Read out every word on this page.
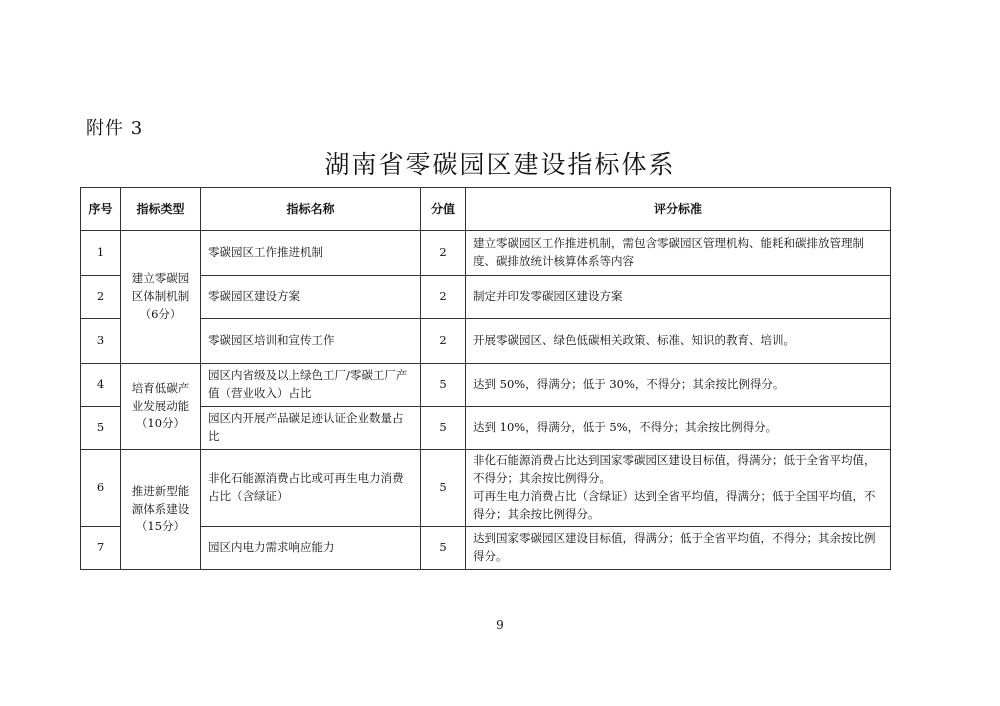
附件 3
湖南省零碳园区建设指标体系
序号	指标类型	指标名称	分值	评分标准
1	建立零碳园区体制机制（6分）	零碳园区工作推进机制	2	建立零碳园区工作推进机制，需包含零碳园区管理机构、能耗和碳排放管理制度、碳排放统计核算体系等内容
2		零碳园区建设方案	2	制定并印发零碳园区建设方案
3		零碳园区培训和宣传工作	2	开展零碳园区、绿色低碳相关政策、标准、知识的教育、培训。
4	培育低碳产业发展动能（10分）	园区内省级及以上绿色工厂/零碳工厂产值（营业收入）占比	5	达到 50%，得满分；低于 30%，不得分；其余按比例得分。
5		园区内开展产品碳足迹认证企业数量占比	5	达到 10%，得满分，低于 5%，不得分；其余按比例得分。
6	推进新型能源体系建设（15分）	非化石能源消费占比或可再生电力消费占比（含绿证）	5	非化石能源消费占比达到国家零碳园区建设目标值，得满分；低于全省平均值，不得分；其余按比例得分。
可再生电力消费占比（含绿证）达到全省平均值，得满分；低于全国平均值，不得分；其余按比例得分。

7		园区内电力需求响应能力	5	达到国家零碳园区建设目标值，得满分；低于全省平均值，不得分；其余按比例得分。
9
